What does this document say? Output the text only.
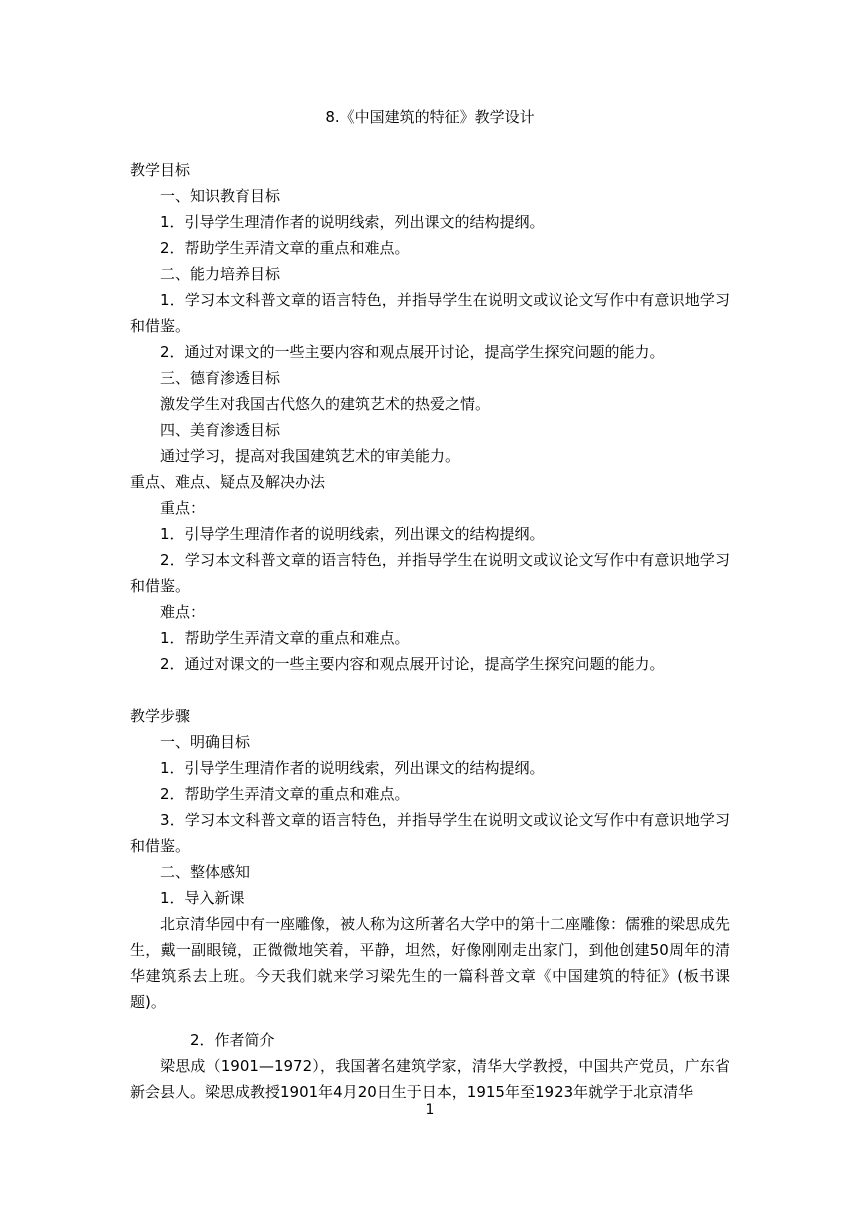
8.《中国建筑的特征》教学设计
教学目标
一、知识教育目标
1．引导学生理清作者的说明线索，列出课文的结构提纲。
2．帮助学生弄清文章的重点和难点。
二、能力培养目标
1．学习本文科普文章的语言特色，并指导学生在说明文或议论文写作中有意识地学习和借鉴。
2．通过对课文的一些主要内容和观点展开讨论，提高学生探究问题的能力。
三、德育渗透目标
激发学生对我国古代悠久的建筑艺术的热爱之情。
四、美育渗透目标
通过学习，提高对我国建筑艺术的审美能力。
重点、难点、疑点及解决办法
重点：
1．引导学生理清作者的说明线索，列出课文的结构提纲。
2．学习本文科普文章的语言特色，并指导学生在说明文或议论文写作中有意识地学习和借鉴。
难点：
1．帮助学生弄清文章的重点和难点。
2．通过对课文的一些主要内容和观点展开讨论，提高学生探究问题的能力。
教学步骤
一、明确目标
1．引导学生理清作者的说明线索，列出课文的结构提纲。
2．帮助学生弄清文章的重点和难点。
3．学习本文科普文章的语言特色，并指导学生在说明文或议论文写作中有意识地学习和借鉴。
二、整体感知
1．导入新课
北京清华园中有一座雕像，被人称为这所著名大学中的第十二座雕像：儒雅的梁思成先生，戴一副眼镜，正微微地笑着，平静，坦然，好像刚刚走出家门，到他创建50周年的清华建筑系去上班。今天我们就来学习梁先生的一篇科普文章《中国建筑的特征》(板书课题)。
2．作者简介
梁思成（1901—1972），我国著名建筑学家，清华大学教授，中国共产党员，广东省新会县人。梁思成教授1901年4月20日生于日本，1915年至1923年就学于北京清华
1
